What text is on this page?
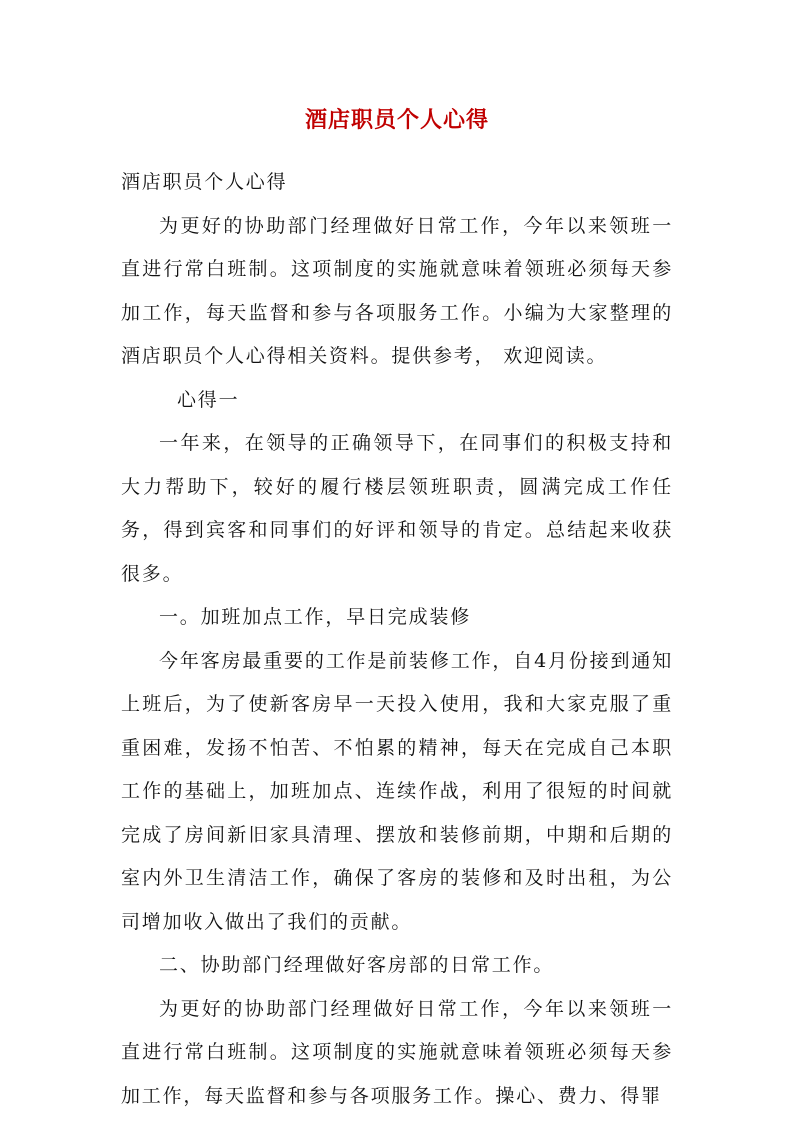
酒店职员个人心得

酒店职员个人心得

为更好的协助部门经理做好日常工作，今年以来领班一直进行常白班制。这项制度的实施就意味着领班必须每天参加工作，每天监督和参与各项服务工作。小编为大家整理的酒店职员个人心得相关资料。提供参考， 欢迎阅读。

心得一

一年来，在领导的正确领导下，在同事们的积极支持和大力帮助下，较好的履行楼层领班职责，圆满完成工作任务，得到宾客和同事们的好评和领导的肯定。总结起来收获很多。

一。加班加点工作，早日完成装修

今年客房最重要的工作是前装修工作，自4月份接到通知上班后，为了使新客房早一天投入使用，我和大家克服了重重困难，发扬不怕苦、不怕累的精神，每天在完成自己本职工作的基础上，加班加点、连续作战，利用了很短的时间就完成了房间新旧家具清理、摆放和装修前期，中期和后期的室内外卫生清洁工作，确保了客房的装修和及时出租，为公司增加收入做出了我们的贡献。

二、协助部门经理做好客房部的日常工作。

为更好的协助部门经理做好日常工作，今年以来领班一直进行常白班制。这项制度的实施就意味着领班必须每天参加工作，每天监督和参与各项服务工作。操心、费力、得罪
